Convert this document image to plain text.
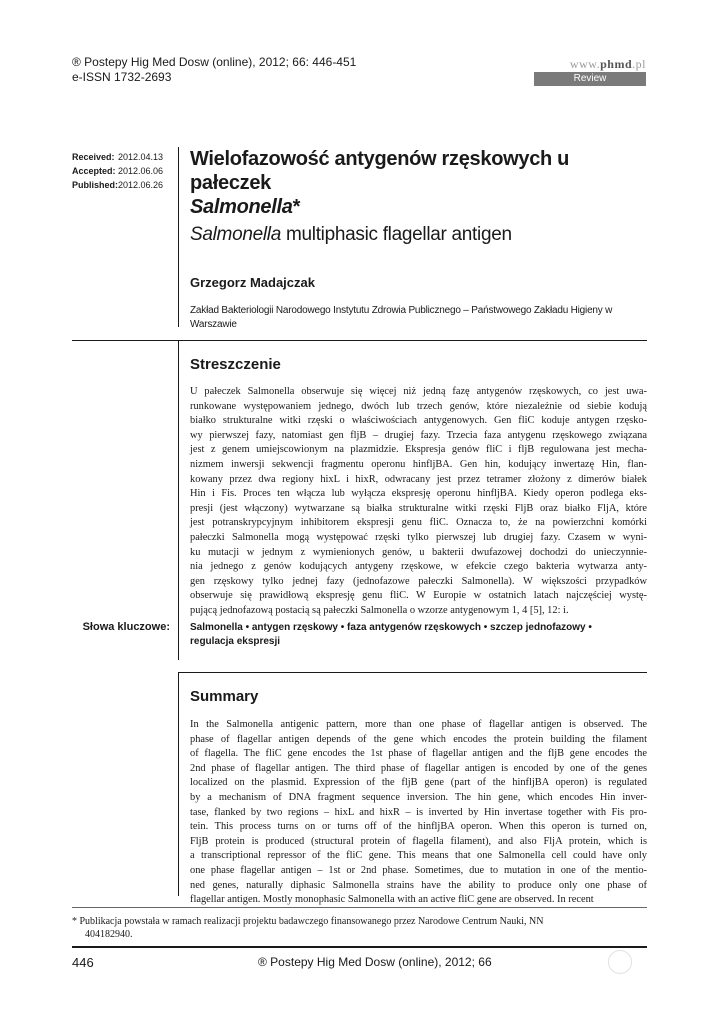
® Postepy Hig Med Dosw (online), 2012; 66: 446-451
e-ISSN 1732-2693
www.phmd.pl
Review
Received: 2012.04.13
Accepted: 2012.06.06
Published:2012.06.26
Wielofazowość antygenów rzęskowych u pałeczek
Salmonella*
Salmonella multiphasic flagellar antigen
Grzegorz Madajczak
Zakład Bakteriologii Narodowego Instytutu Zdrowia Publicznego – Państwowego Zakładu Higieny w Warszawie
Streszczenie

U pałeczek Salmonella obserwuje się więcej niż jedną fazę antygenów rzęskowych, co jest uwa-

runkowane występowaniem jednego, dwóch lub trzech genów, które niezależnie od siebie kodują

białko strukturalne witki rzęski o właściwościach antygenowych. Gen fliC koduje antygen rzęsko-

wy pierwszej fazy, natomiast gen fljB – drugiej fazy. Trzecia faza antygenu rzęskowego związana

jest z genem umiejscowionym na plazmidzie. Ekspresja genów fliC i fljB regulowana jest mecha-

nizmem inwersji sekwencji fragmentu operonu hinfljBA. Gen hin, kodujący inwertazę Hin, flan-

kowany przez dwa regiony hixL i hixR, odwracany jest przez tetramer złożony z dimerów białek

Hin i Fis. Proces ten włącza lub wyłącza ekspresję operonu hinfljBA. Kiedy operon podlega eks-

presji (jest włączony) wytwarzane są białka strukturalne witki rzęski FljB oraz białko FljA, które

jest potranskrypcyjnym inhibitorem ekspresji genu fliC. Oznacza to, że na powierzchni komórki

pałeczki Salmonella mogą występować rzęski tylko pierwszej lub drugiej fazy. Czasem w wyni-

ku mutacji w jednym z wymienionych genów, u bakterii dwufazowej dochodzi do unieczynnie-

nia jednego z genów kodujących antygeny rzęskowe, w efekcie czego bakteria wytwarza anty-

gen rzęskowy tylko jednej fazy (jednofazowe pałeczki Salmonella). W większości przypadków

obserwuje się prawidłową ekspresję genu fliC. W Europie w ostatnich latach najczęściej wystę-

pującą jednofazową postacią są pałeczki Salmonella o wzorze antygenowym 1, 4 [5], 12: i.

Słowa kluczowe: Salmonella • antygen rzęskowy • faza antygenów rzęskowych • szczep jednofazowy •
regulacja ekspresji
Summary

In the Salmonella antigenic pattern, more than one phase of flagellar antigen is observed. The

phase of flagellar antigen depends of the gene which encodes the protein building the filament

of flagella. The fliC gene encodes the 1st phase of flagellar antigen and the fljB gene encodes the

2nd phase of flagellar antigen. The third phase of flagellar antigen is encoded by one of the genes

localized on the plasmid. Expression of the fljB gene (part of the hinfljBA operon) is regulated

by a mechanism of DNA fragment sequence inversion. The hin gene, which encodes Hin inver-

tase, flanked by two regions – hixL and hixR – is inverted by Hin invertase together with Fis pro-

tein. This process turns on or turns off of the hinfljBA operon. When this operon is turned on,

FljB protein is produced (structural protein of flagella filament), and also FljA protein, which is

a transcriptional repressor of the fliC gene. This means that one Salmonella cell could have only

one phase flagellar antigen – 1st or 2nd phase. Sometimes, due to mutation in one of the mentio-

ned genes, naturally diphasic Salmonella strains have the ability to produce only one phase of

flagellar antigen. Mostly monophasic Salmonella with an active fliC gene are observed. In recent

* Publikacja powstała w ramach realizacji projektu badawczego finansowanego przez Narodowe Centrum Nauki, NN
404182940.
446	® Postepy Hig Med Dosw (online), 2012; 66
